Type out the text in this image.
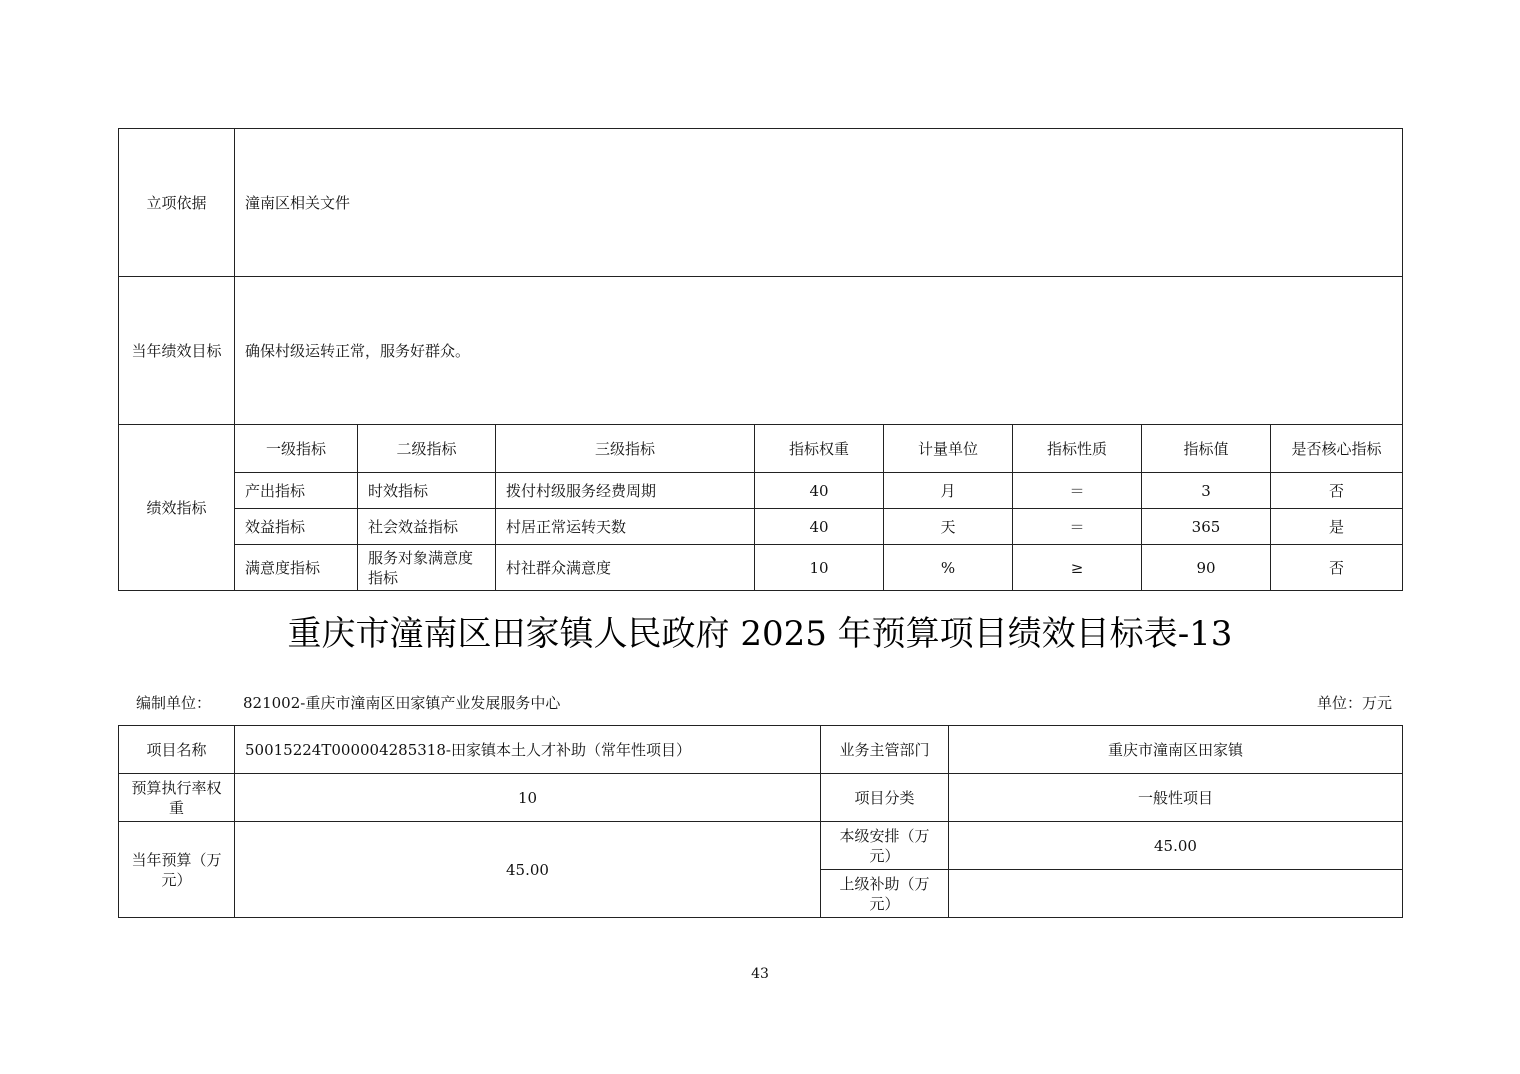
立项依据	潼南区相关文件							
当年绩效目标	确保村级运转正常，服务好群众。							
绩效指标	一级指标	二级指标	三级指标	指标权重	计量单位	指标性质	指标值	是否核心指标
	产出指标	时效指标	拨付村级服务经费周期	40	月	＝	3	否
	效益指标	社会效益指标	村居正常运转天数	40	天	＝	365	是
	满意度指标	服务对象满意度指标	村社群众满意度	10	%	≥	90	否
重庆市潼南区田家镇人民政府 2025 年预算项目绩效目标表-13
编制单位： 821002-重庆市潼南区田家镇产业发展服务中心	单位：万元
项目名称	50015224T000004285318-田家镇本土人才补助（常年性项目）	业务主管部门	重庆市潼南区田家镇
预算执行率权重	10	项目分类	一般性项目
当年预算（万元）	45.00	本级安排（万元）	45.00
		上级补助（万元）	
43
